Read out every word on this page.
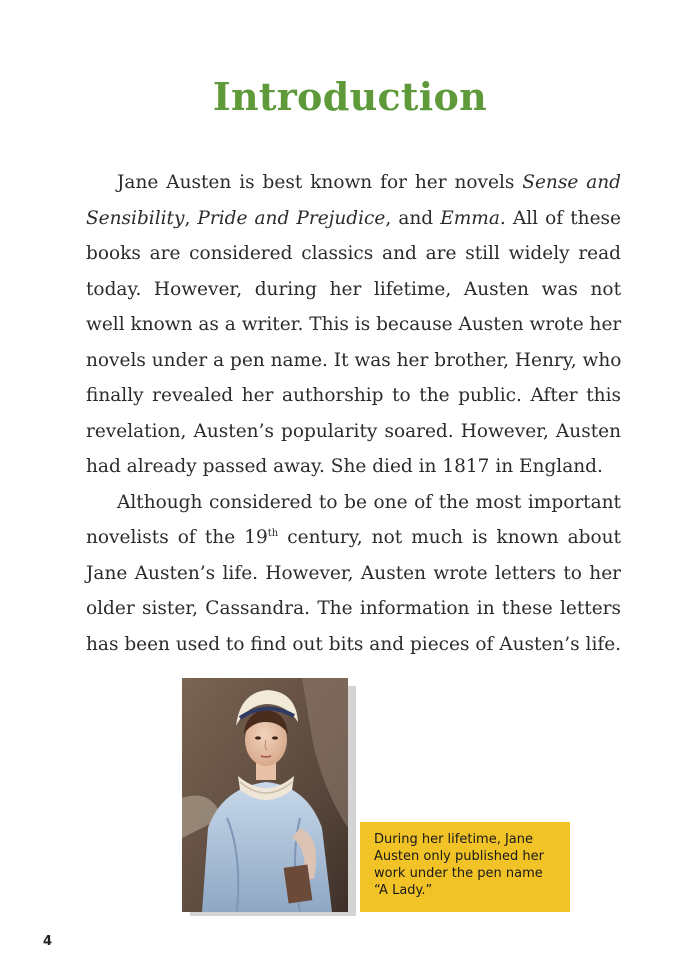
Introduction

Jane Austen is best known for her novels Sense and
Sensibility, Pride and Prejudice, and Emma. All of these
books are considered classics and are still widely read
today. However, during her lifetime, Austen was not
well known as a writer. This is because Austen wrote her
novels under a pen name. It was her brother, Henry, who
finally revealed her authorship to the public. After this
revelation, Austen’s popularity soared. However, Austen
had already passed away. She died in 1817 in England.

Although considered to be one of the most important
novelists of the 19th century, not much is known about
Jane Austen’s life. However, Austen wrote letters to her
older sister, Cassandra. The information in these letters
has been used to find out bits and pieces of Austen’s life.

During her lifetime, Jane Austen only published her work under the pen name “A Lady.”

4
